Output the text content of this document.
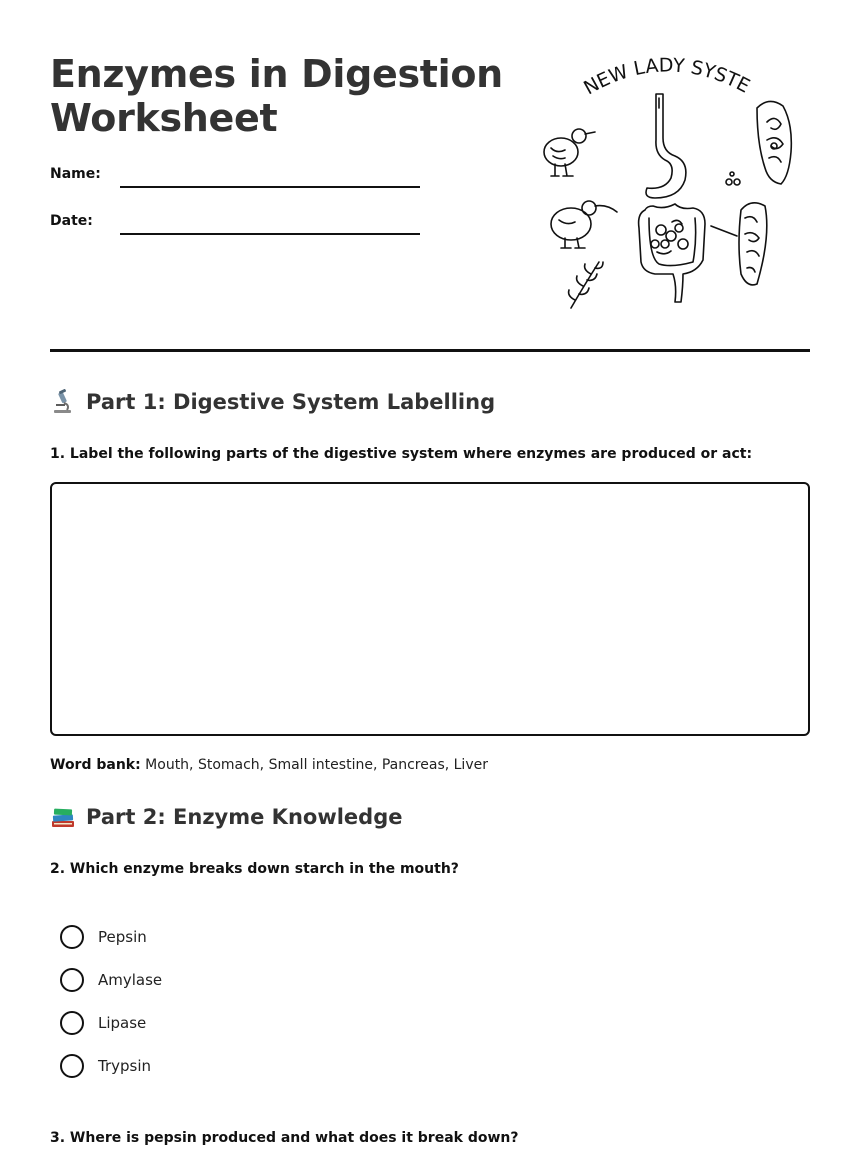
Enzymes in Digestion
Worksheet
Name:
Date:
NEW LADY SYSTE
Part 1: Digestive System Labelling

1. Label the following parts of the digestive system where enzymes are produced or act:

Word bank: Mouth, Stomach, Small intestine, Pancreas, Liver
Part 2: Enzyme Knowledge

2. Which enzyme breaks down starch in the mouth?

Pepsin
Amylase
Lipase
Trypsin

3. Where is pepsin produced and what does it break down?
